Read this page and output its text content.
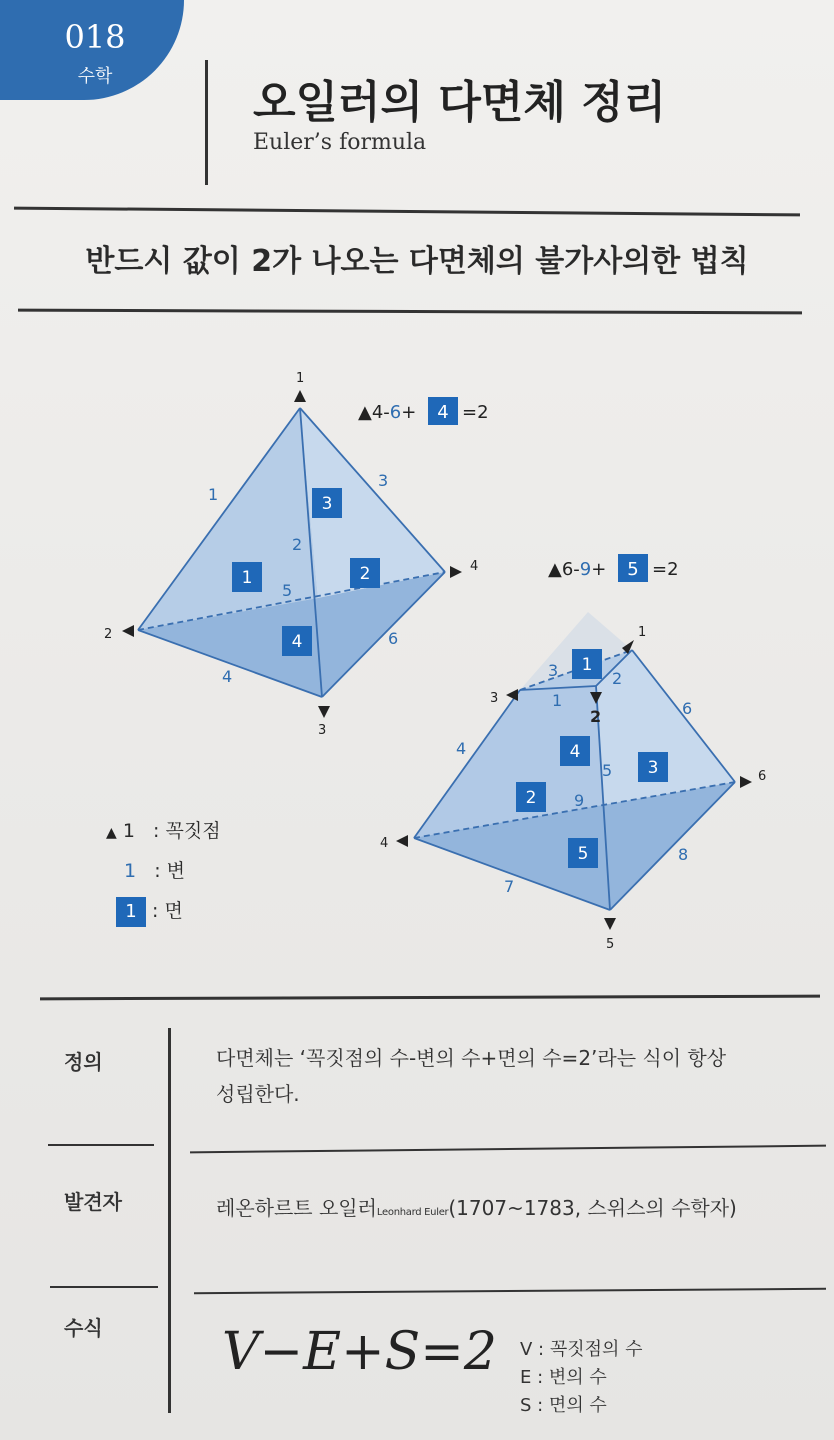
018
수학
오일러의 다면체 정리
Euler’s formula
반드시 값이 2가 나오는 다면체의 불가사의한 법칙
1
2
3
4
1
2
3
4
5
6
3
2
1
4
▲4-6+ 4 =2
1
2
3
4
5
6
1
2
3
4
5
6
7
8
9
1
4
3
2
5
▲6-9+ 5 =2
▲ 1 : 꼭짓점
1 : 변
1 : 면
정의	다면체는 ‘꼭짓점의 수-변의 수+면의 수=2’라는 식이 항상
성립한다.
발견자	레온하르트 오일러Leonhard Euler(1707~1783, 스위스의 수학자)
수식 V−E+S=2 V : 꼭짓점의 수
E : 변의 수
S : 면의 수
